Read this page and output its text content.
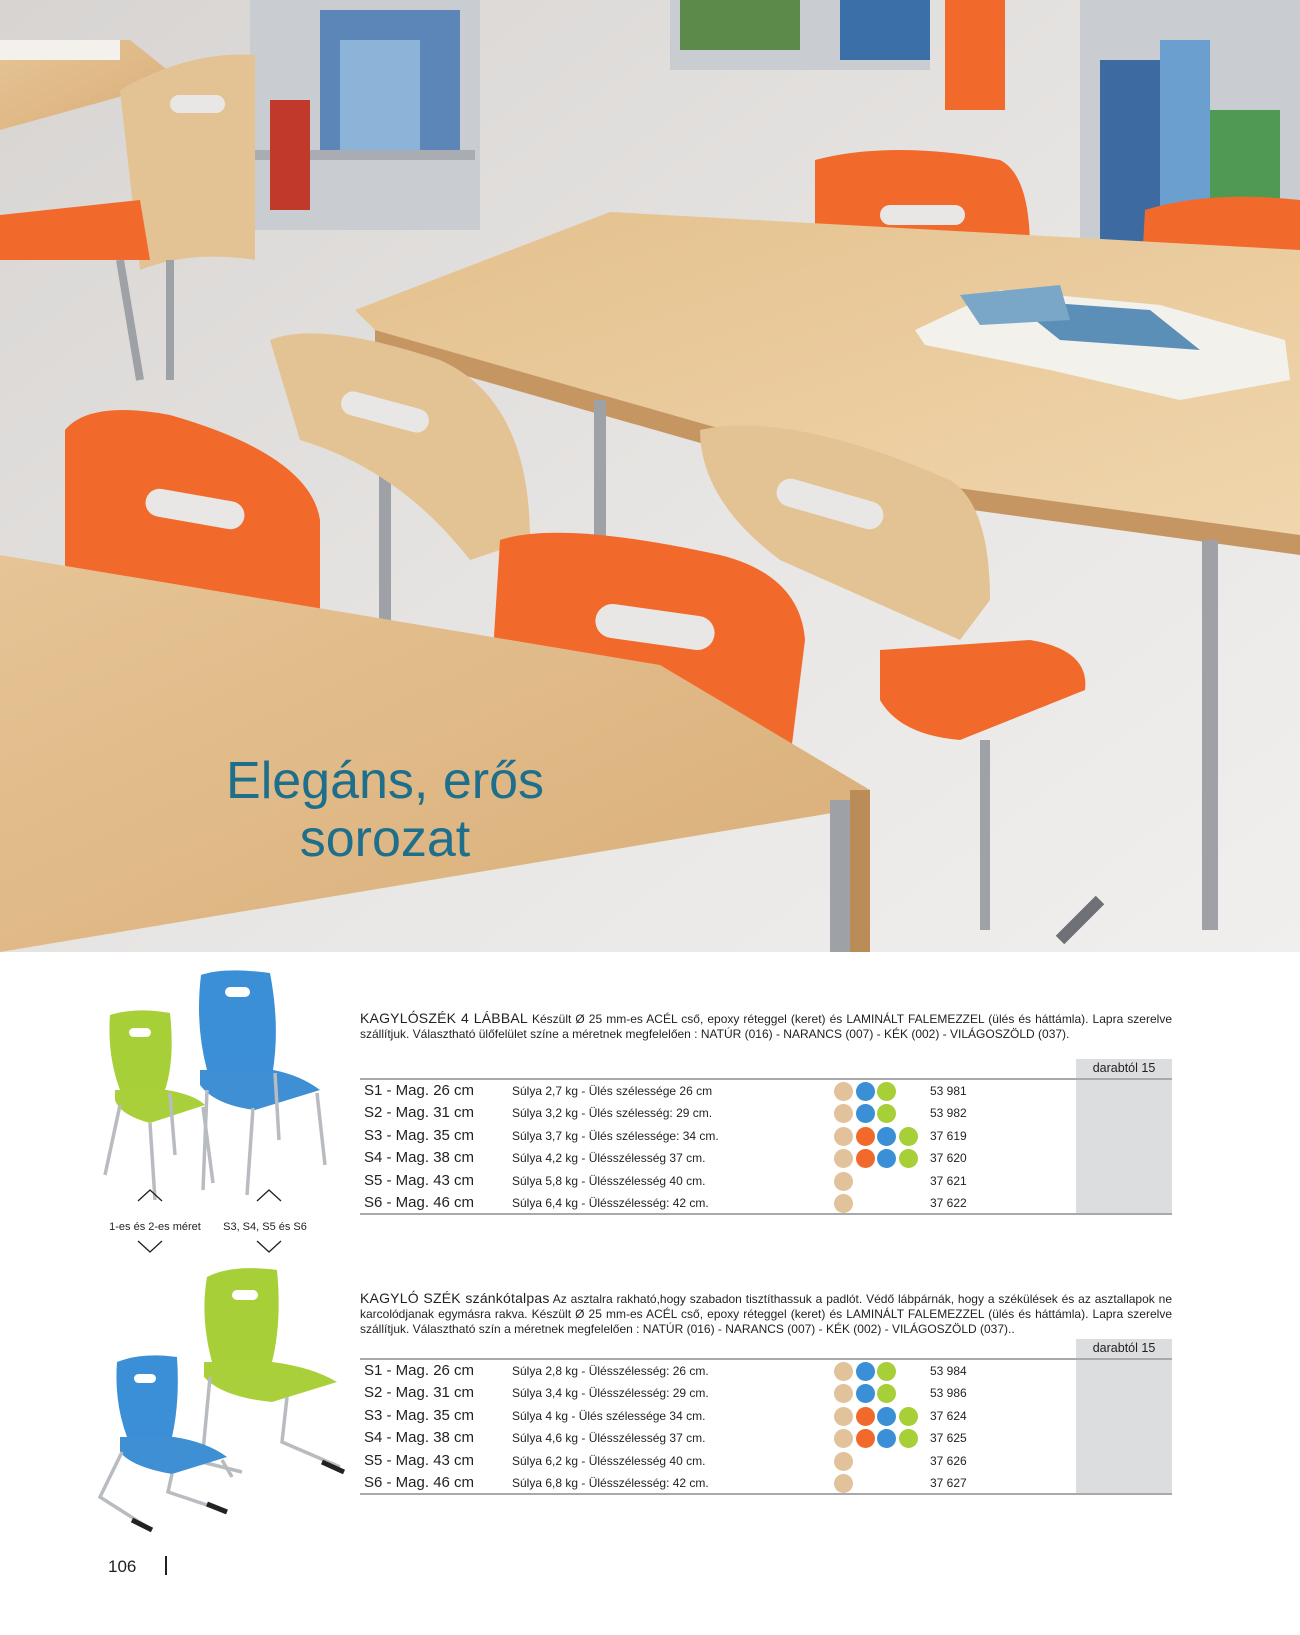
Elegáns, erős
sorozat
1-es és 2-es méret	S3, S4, S5 és S6

KAGYLÓSZÉK 4 LÁBBAL Készült Ø 25 mm-es ACÉL cső, epoxy réteggel (keret) és LAMINÁLT FALEMEZZEL (ülés és háttámla). Lapra szerelve szállítjuk. Választható ülőfelület színe a méretnek megfelelően : NATÚR (016) - NARANCS (007) - KÉK (002) - VILÁGOSZÖLD (037).

darabtól 15
S1 - Mag. 26 cm	Súlya 2,7 kg - Ülés szélessége 26 cm	53 981
S2 - Mag. 31 cm	Súlya 3,2 kg - Ülés szélesség: 29 cm.	53 982
S3 - Mag. 35 cm	Súlya 3,7 kg - Ülés szélessége: 34 cm.	37 619
S4 - Mag. 38 cm	Súlya 4,2 kg - Ülésszélesség 37 cm.	37 620
S5 - Mag. 43 cm	Súlya 5,8 kg - Ülésszélesség 40 cm.	37 621
S6 - Mag. 46 cm	Súlya 6,4 kg - Ülésszélesség: 42 cm.	37 622

KAGYLÓ SZÉK szánkótalpas Az asztalra rakható,hogy szabadon tisztíthassuk a padlót. Védő lábpárnák, hogy a székülések és az asztallapok ne karcolódjanak egymásra rakva. Készült Ø 25 mm-es ACÉL cső, epoxy réteggel (keret) és LAMINÁLT FALEMEZZEL (ülés és háttámla). Lapra szerelve szállítjuk. Választható szín a méretnek megfelelően : NATÚR (016) - NARANCS (007) - KÉK (002) - VILÁGOSZÖLD (037)..

darabtól 15
S1 - Mag. 26 cm	Súlya 2,8 kg - Ülésszélesség: 26 cm.	53 984
S2 - Mag. 31 cm	Súlya 3,4 kg - Ülésszélesség: 29 cm.	53 986
S3 - Mag. 35 cm	Súlya 4 kg - Ülés szélessége 34 cm.	37 624
S4 - Mag. 38 cm	Súlya 4,6 kg - Ülésszélesség 37 cm.	37 625
S5 - Mag. 43 cm	Súlya 6,2 kg - Ülésszélesség 40 cm.	37 626
S6 - Mag. 46 cm	Súlya 6,8 kg - Ülésszélesség: 42 cm.	37 627
106
